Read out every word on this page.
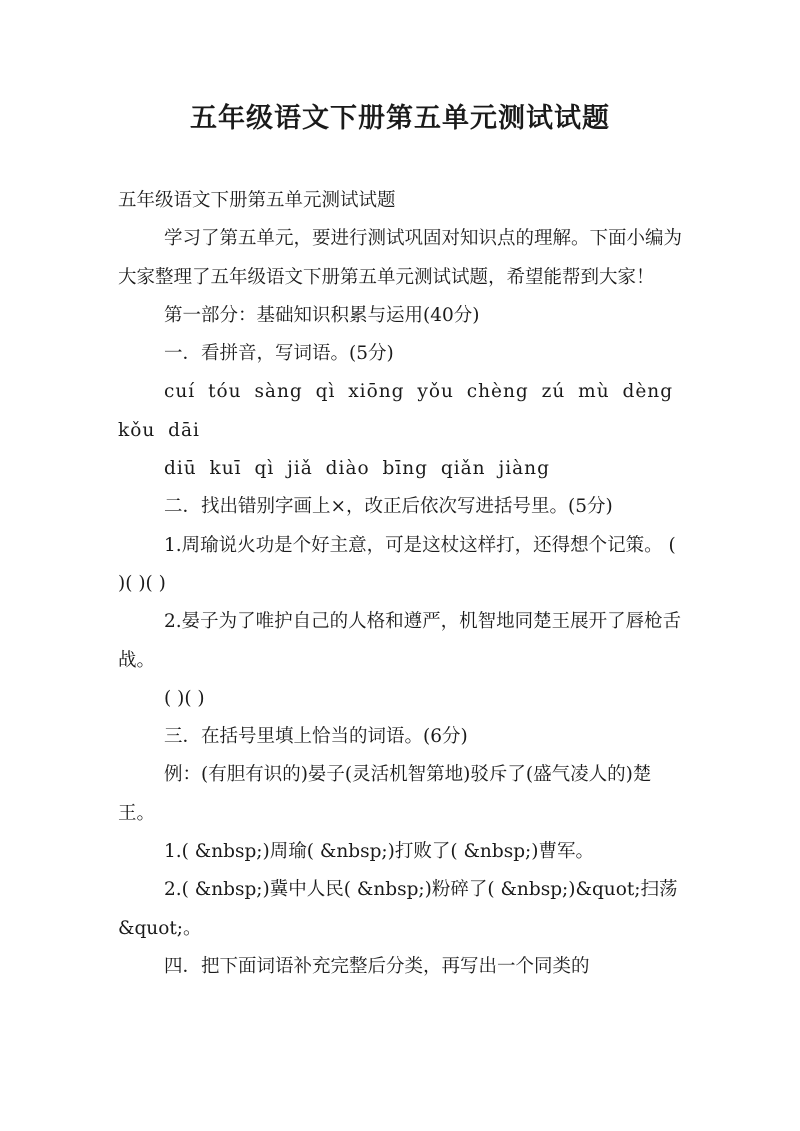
五年级语文下册第五单元测试试题

五年级语文下册第五单元测试试题

学习了第五单元，要进行测试巩固对知识点的理解。下面小编为大家整理了五年级语文下册第五单元测试试题，希望能帮到大家！

第一部分：基础知识积累与运用(40分)

一．看拼音，写词语。(5分)

cuí tóu sàng qì xiōng yǒu chèng zú mù dèng kǒu dāi

diū kuī qì jiǎ diào bīng qiǎn jiàng

二．找出错别字画上×，改正后依次写进括号里。(5分)

1.周瑜说火功是个好主意，可是这杖这样打，还得想个记策。 ( )( )( )

2.晏子为了唯护自己的人格和遵严，机智地同楚王展开了唇枪舌战。

( )( )

三．在括号里填上恰当的词语。(6分)

例：(有胆有识的)晏子(灵活机智第地)驳斥了(盛气凌人的)楚王。

1.( &nbsp;)周瑜( &nbsp;)打败了( &nbsp;)曹军。

2.( &nbsp;)冀中人民( &nbsp;)粉碎了( &nbsp;)&quot;扫荡&quot;。

四．把下面词语补充完整后分类，再写出一个同类的
